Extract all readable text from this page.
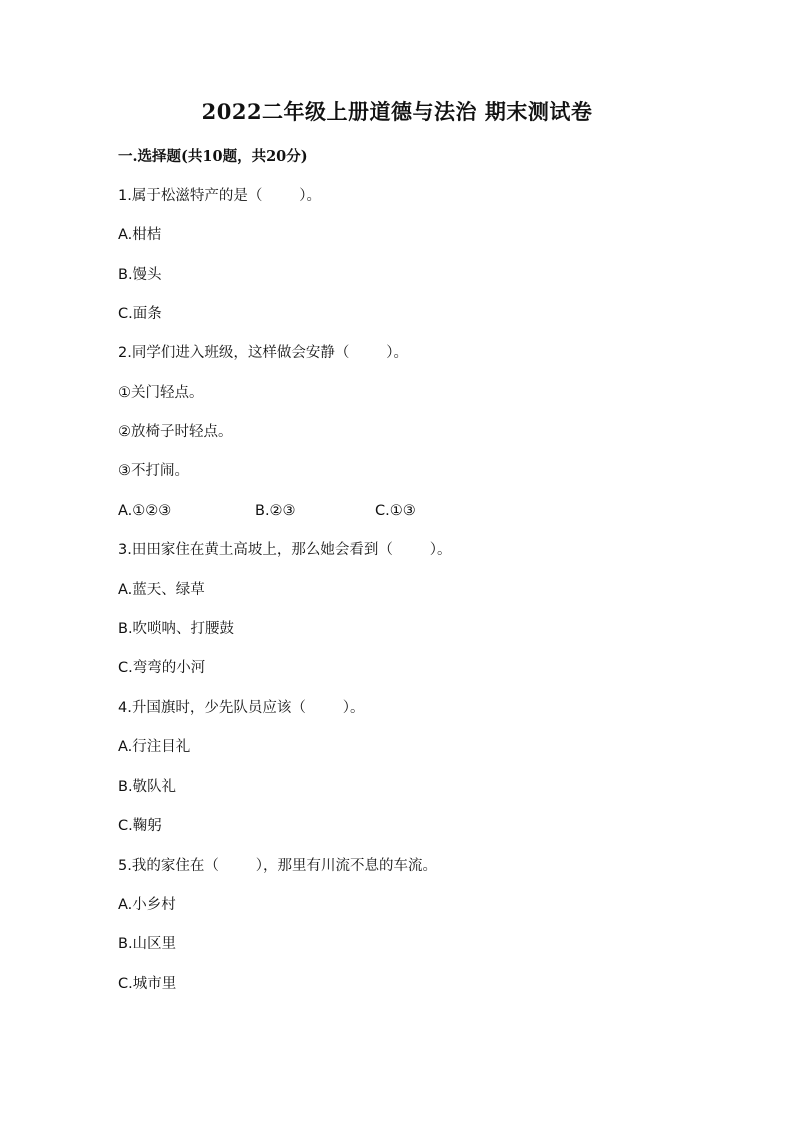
2022二年级上册道德与法治 期末测试卷
一.选择题(共10题，共20分)
1.属于松滋特产的是（        ）。
A.柑桔
B.馒头
C.面条
2.同学们进入班级，这样做会安静（        ）。
①关门轻点。
②放椅子时轻点。
③不打闹。

A.①②③

	B.②③

	C.①③

3.田田家住在黄土高坡上，那么她会看到（        ）。
A.蓝天、绿草
B.吹唢呐、打腰鼓
C.弯弯的小河
4.升国旗时，少先队员应该（        ）。
A.行注目礼
B.敬队礼
C.鞠躬
5.我的家住在（        ），那里有川流不息的车流。
A.小乡村
B.山区里
C.城市里
